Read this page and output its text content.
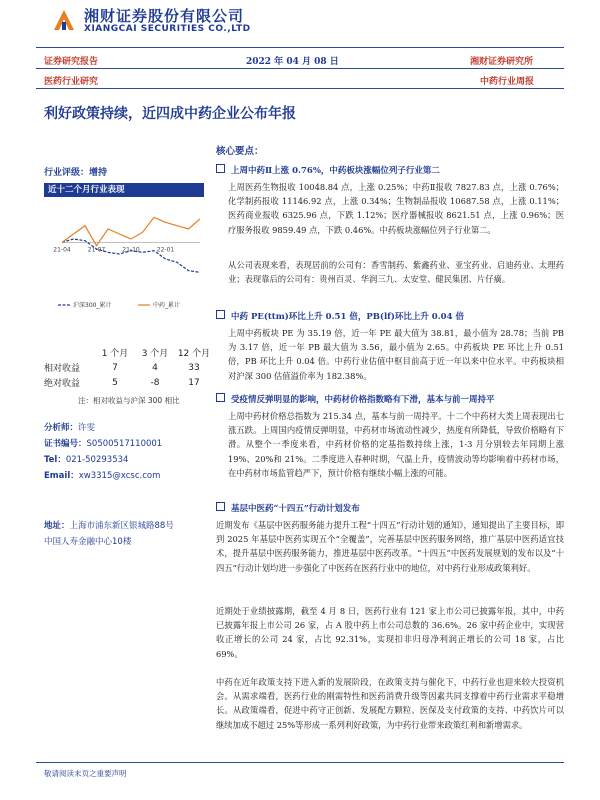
湘财证券股份有限公司
XIANGCAI SECURITIES CO.,LTD
证券研究报告	2022 年 04 月 08 日	湘财证券研究所
医药行业研究	中药行业周报
利好政策持续，近四成中药企业公布年报
行业评级：增持
近十二个月行业表现
21-04	21-07	21-10	22-01
沪深300_累计	中药_累计
	1 个月	3 个月	12 个月
相对收益	7	4	33
绝对收益	5	-8	17
注：相对收益与沪深 300 相比
分析师：许雯
证书编号：S0500517110001
Tel：021-50293534
Email：xw3315@xcsc.com
地址：上海市浦东新区银城路88号
中国人寿金融中心10楼
核心要点：
上周中药Ⅱ上涨 0.76%，中药板块涨幅位列子行业第二
上周医药生物报收 10048.84 点，上涨 0.25%；中药Ⅱ报收 7827.83 点，上涨 0.76%；化学制药报收 11146.92 点，上涨 0.34%；生物制品报收 10687.58 点，上涨 0.11%；医药商业报收 6325.96 点，下跌 1.12%；医疗器械报收 8621.51 点，上涨 0.96%；医疗服务报收 9859.49 点，下跌 0.46%。中药板块涨幅位列子行业第二。
从公司表现来看，表现居前的公司有：香雪制药、紫鑫药业、亚宝药业、启迪药业、太理药业；表现靠后的公司有：贵州百灵、华润三九、太安堂、健民集团、片仔癀。
中药 PE(ttm)环比上升 0.51 倍，PB(lf)环比上升 0.04 倍
上周中药板块 PE 为 35.19 倍，近一年 PE 最大值为 38.81，最小值为 28.78；当前 PB 为 3.17 倍，近一年 PB 最大值为 3.56，最小值为 2.65。中药板块 PE 环比上升 0.51 倍，PB 环比上升 0.04 倍。中药行业估值中枢目前高于近一年以来中位水平。中药板块相对沪深 300 估值溢价率为 182.38%。
受疫情反弹明显的影响，中药材价格指数略有下滑，基本与前一周持平
上周中药材价格总指数为 215.34 点，基本与前一周持平。十二个中药材大类上周表现出七涨五跌。上周国内疫情反弹明显，中药材市场流动性减少，热度有所降低，导致价格略有下滑。从整个一季度来看，中药材价格的定基指数持续上涨，1-3 月分别较去年同期上涨 19%、20%和 21%。二季度进入春种时期，气温上升，疫情波动等均影响着中药材市场，在中药材市场监管趋严下，预计价格有继续小幅上涨的可能。
基层中医药“十四五”行动计划发布
近期发布《基层中医药服务能力提升工程“十四五”行动计划的通知》，通知提出了主要目标，即到 2025 年基层中医药实现五个“全覆盖”，完善基层中医药服务网络，推广基层中医药适宜技术，提升基层中医药服务能力，推进基层中医药改革。“十四五”中医药发展规划的发布以及“十四五”行动计划均进一步强化了中医药在医药行业中的地位，对中药行业形成政策利好。
近期处于业绩披露期，截至 4 月 8 日，医药行业有 121 家上市公司已披露年报，其中，中药已披露年报上市公司 26 家，占 A 股中药上市公司总数的 36.6%。26 家中药企业中，实现营收正增长的公司 24 家，占比 92.31%，实现扣非归母净利润正增长的公司 18 家，占比 69%。
中药在近年政策支持下进入新的发展阶段，在政策支持与催化下，中药行业也迎来较大投资机会。从需求端看，医药行业的刚需特性和医药消费升级等因素共同支撑着中药行业需求平稳增长。从政策端看，促进中药守正创新、发展配方颗粒、医保及支付政策的支持、中药饮片可以继续加成不超过 25%等形成一系列利好政策，为中药行业带来政策红利和新增需求。
敬请阅读末页之重要声明
